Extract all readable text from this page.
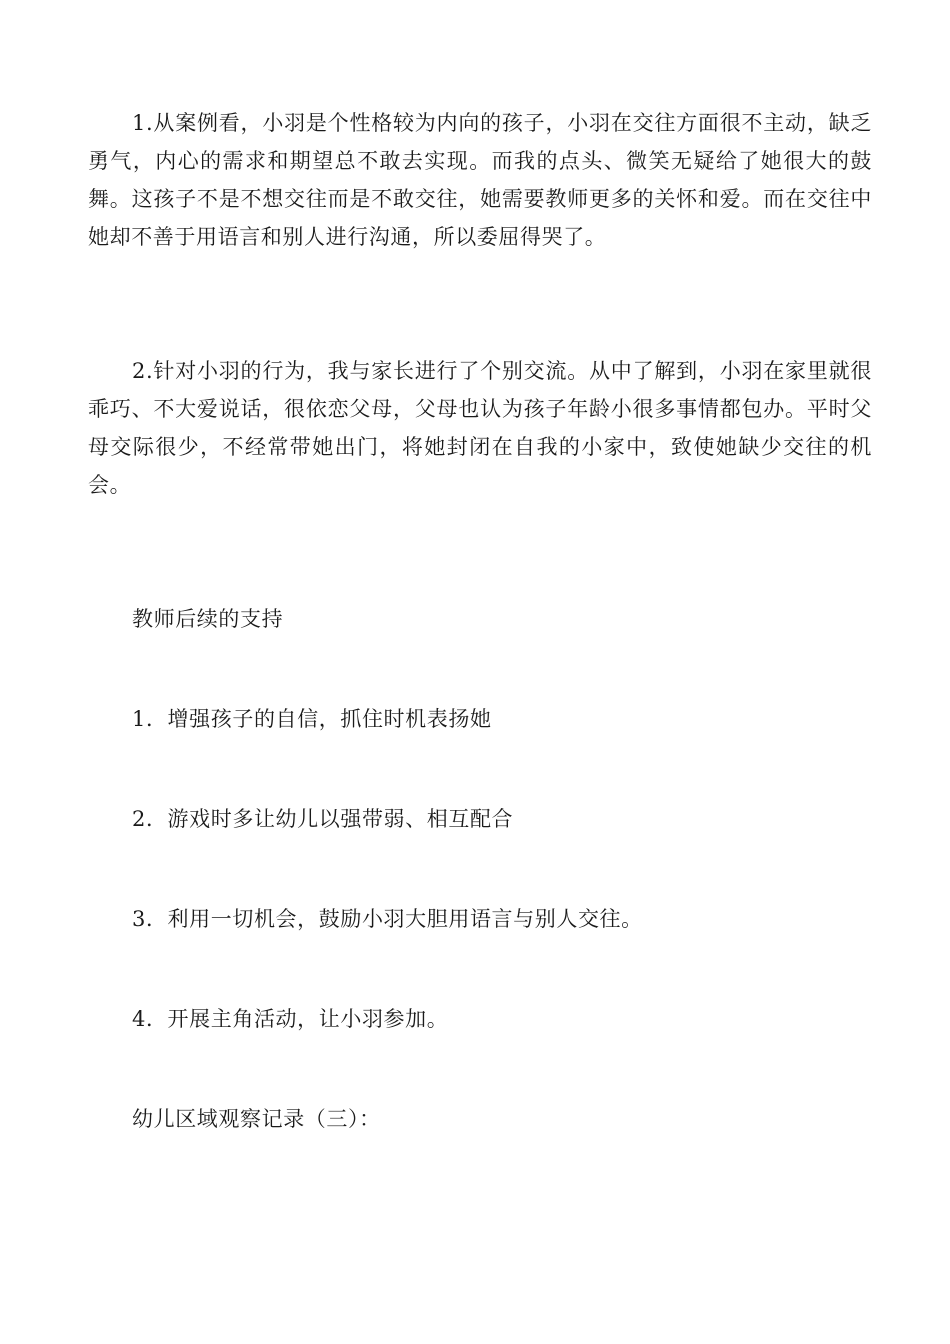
1.从案例看，小羽是个性格较为内向的孩子，小羽在交往方面很不主动，缺乏勇气，内心的需求和期望总不敢去实现。而我的点头、微笑无疑给了她很大的鼓舞。这孩子不是不想交往而是不敢交往，她需要教师更多的关怀和爱。而在交往中她却不善于用语言和别人进行沟通，所以委屈得哭了。

2.针对小羽的行为，我与家长进行了个别交流。从中了解到，小羽在家里就很乖巧、不大爱说话，很依恋父母，父母也认为孩子年龄小很多事情都包办。平时父母交际很少，不经常带她出门，将她封闭在自我的小家中，致使她缺少交往的机会。

教师后续的支持

1．增强孩子的自信，抓住时机表扬她

2．游戏时多让幼儿以强带弱、相互配合

3．利用一切机会，鼓励小羽大胆用语言与别人交往。

4．开展主角活动，让小羽参加。

幼儿区域观察记录（三）：
